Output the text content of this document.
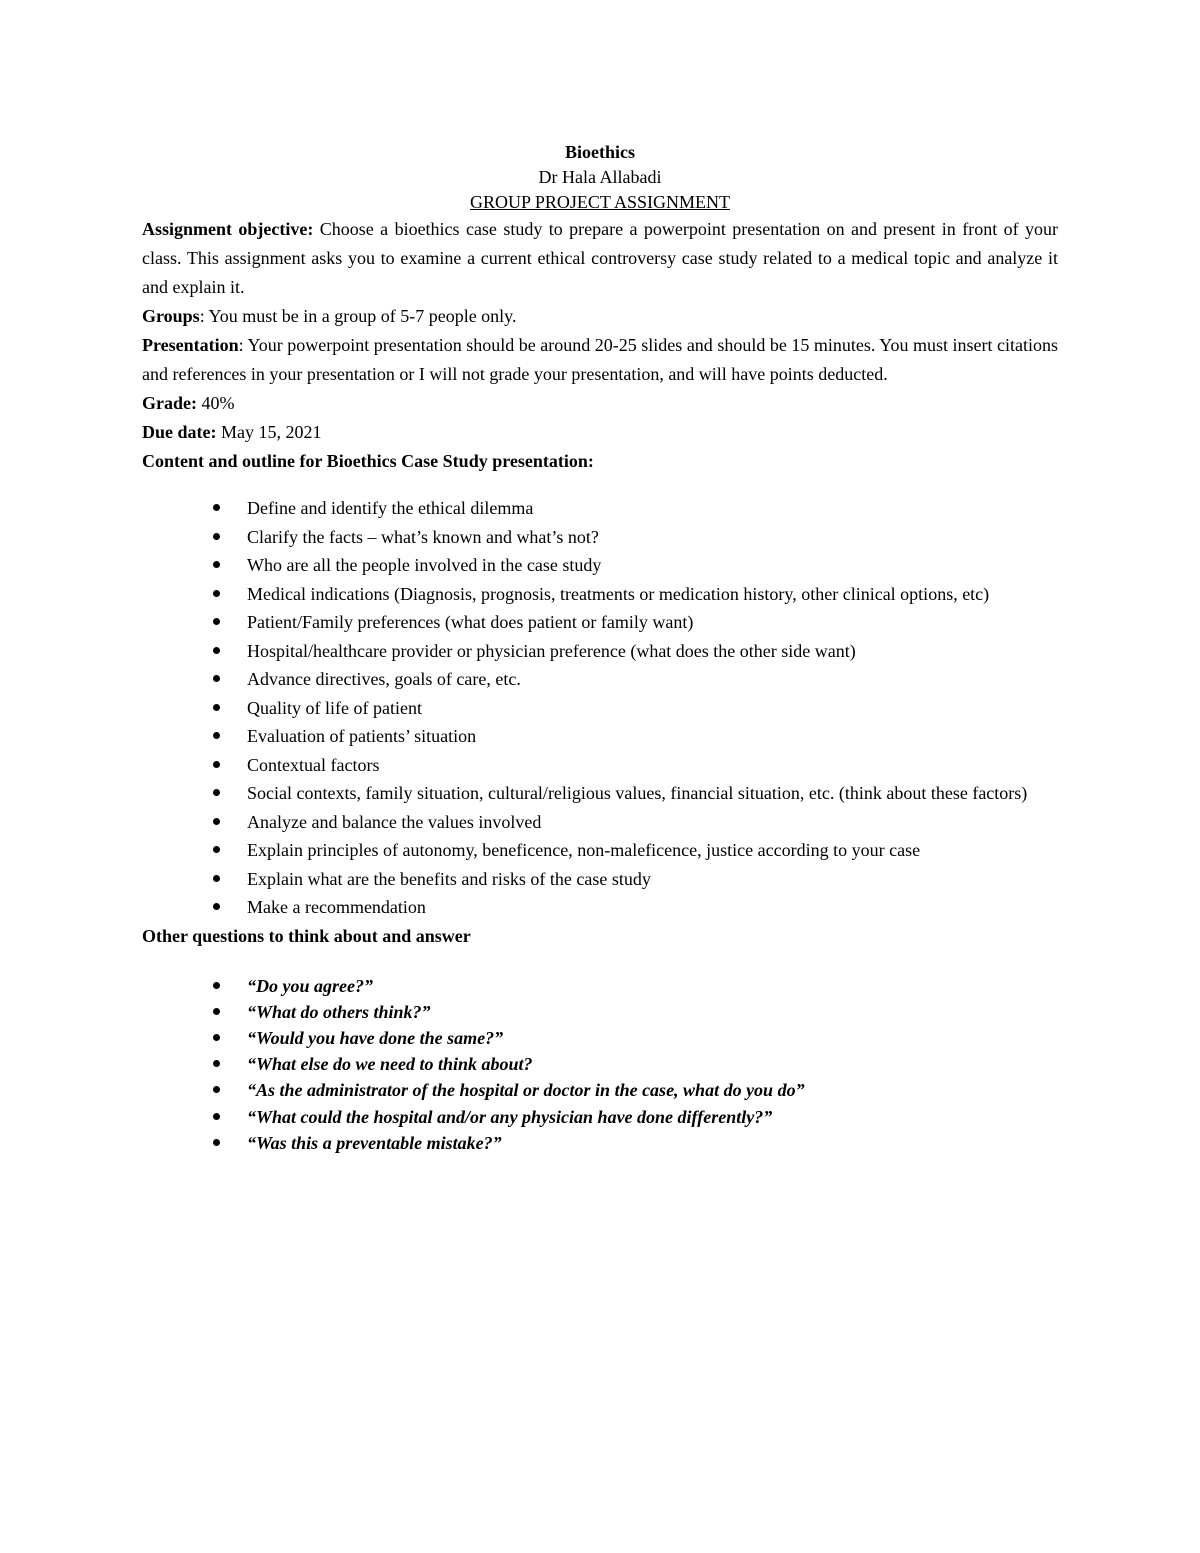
Bioethics
Dr Hala Allabadi
GROUP PROJECT ASSIGNMENT

Assignment objective: Choose a bioethics case study to prepare a powerpoint presentation on and present in front of your class. This assignment asks you to examine a current ethical controversy case study related to a medical topic and analyze it and explain it.

Groups: You must be in a group of 5-7 people only.

Presentation: Your powerpoint presentation should be around 20-25 slides and should be 15 minutes. You must insert citations and references in your presentation or I will not grade your presentation, and will have points deducted.

Grade: 40%

Due date: May 15, 2021

Content and outline for Bioethics Case Study presentation:

Define and identify the ethical dilemma
Clarify the facts – what’s known and what’s not?
Who are all the people involved in the case study
Medical indications (Diagnosis, prognosis, treatments or medication history, other clinical options, etc)
Patient/Family preferences (what does patient or family want)
Hospital/healthcare provider or physician preference (what does the other side want)
Advance directives, goals of care, etc.
Quality of life of patient
Evaluation of patients’ situation
Contextual factors
Social contexts, family situation, cultural/religious values, financial situation, etc. (think about these factors)
Analyze and balance the values involved
Explain principles of autonomy, beneficence, non-maleficence, justice according to your case
Explain what are the benefits and risks of the case study
Make a recommendation

Other questions to think about and answer

“Do you agree?”
“What do others think?”
“Would you have done the same?”
“What else do we need to think about?
“As the administrator of the hospital or doctor in the case, what do you do”
“What could the hospital and/or any physician have done differently?”
“Was this a preventable mistake?”
